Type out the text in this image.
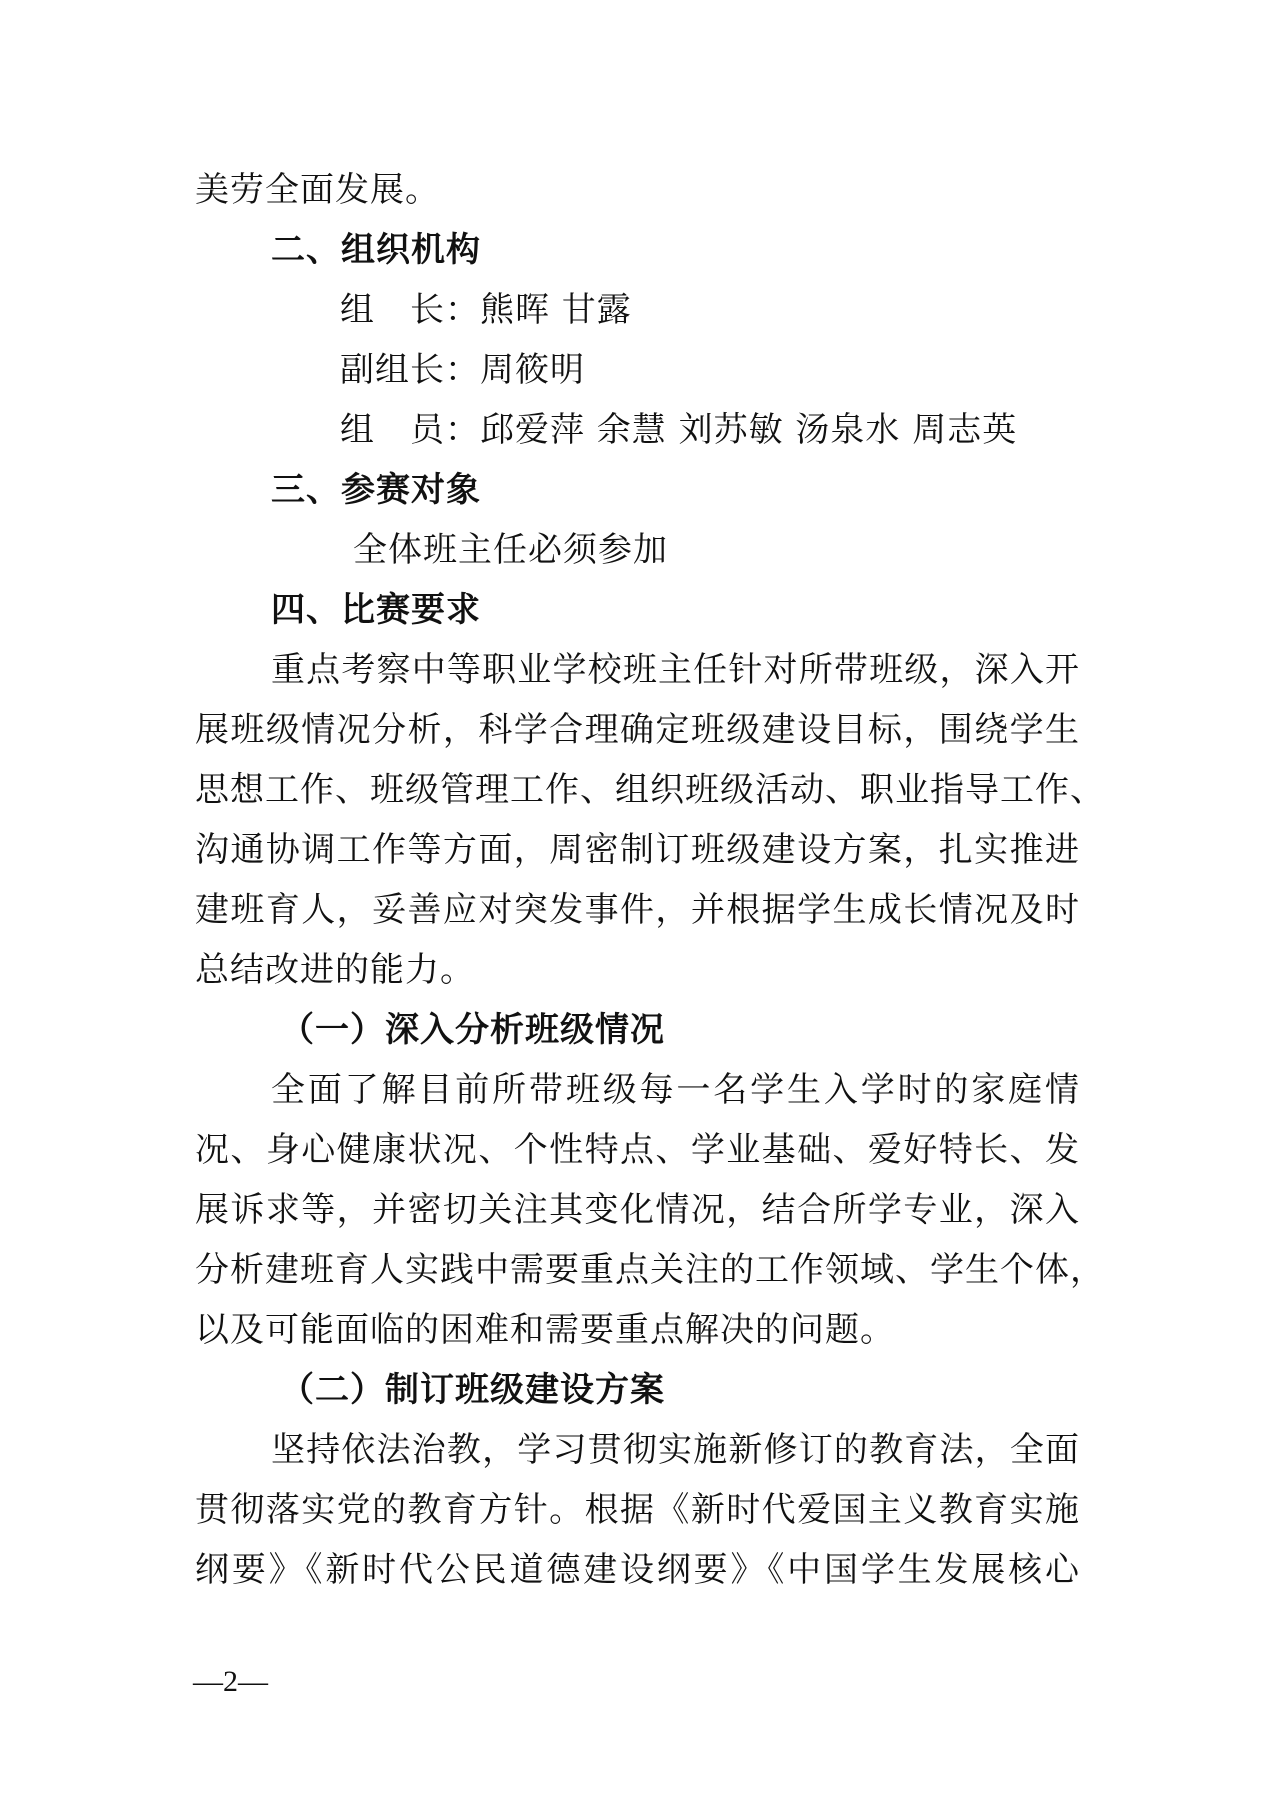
美劳全面发展。
二、组织机构
组　长：熊晖 甘露
副组长：周筱明
组　员：邱爱萍 余慧 刘苏敏 汤泉水 周志英
三、参赛对象
全体班主任必须参加
四、比赛要求
重点考察中等职业学校班主任针对所带班级，深入开
展班级情况分析，科学合理确定班级建设目标，围绕学生
思想工作、班级管理工作、组织班级活动、职业指导工作、
沟通协调工作等方面，周密制订班级建设方案，扎实推进
建班育人，妥善应对突发事件，并根据学生成长情况及时
总结改进的能力。
（一）深入分析班级情况
全面了解目前所带班级每一名学生入学时的家庭情
况、身心健康状况、个性特点、学业基础、爱好特长、发
展诉求等，并密切关注其变化情况，结合所学专业，深入
分析建班育人实践中需要重点关注的工作领域、学生个体，
以及可能面临的困难和需要重点解决的问题。
（二）制订班级建设方案
坚持依法治教，学习贯彻实施新修订的教育法，全面
贯彻落实党的教育方针。根据《新时代爱国主义教育实施
纲要》《新时代公民道德建设纲要》《中国学生发展核心
—2—
